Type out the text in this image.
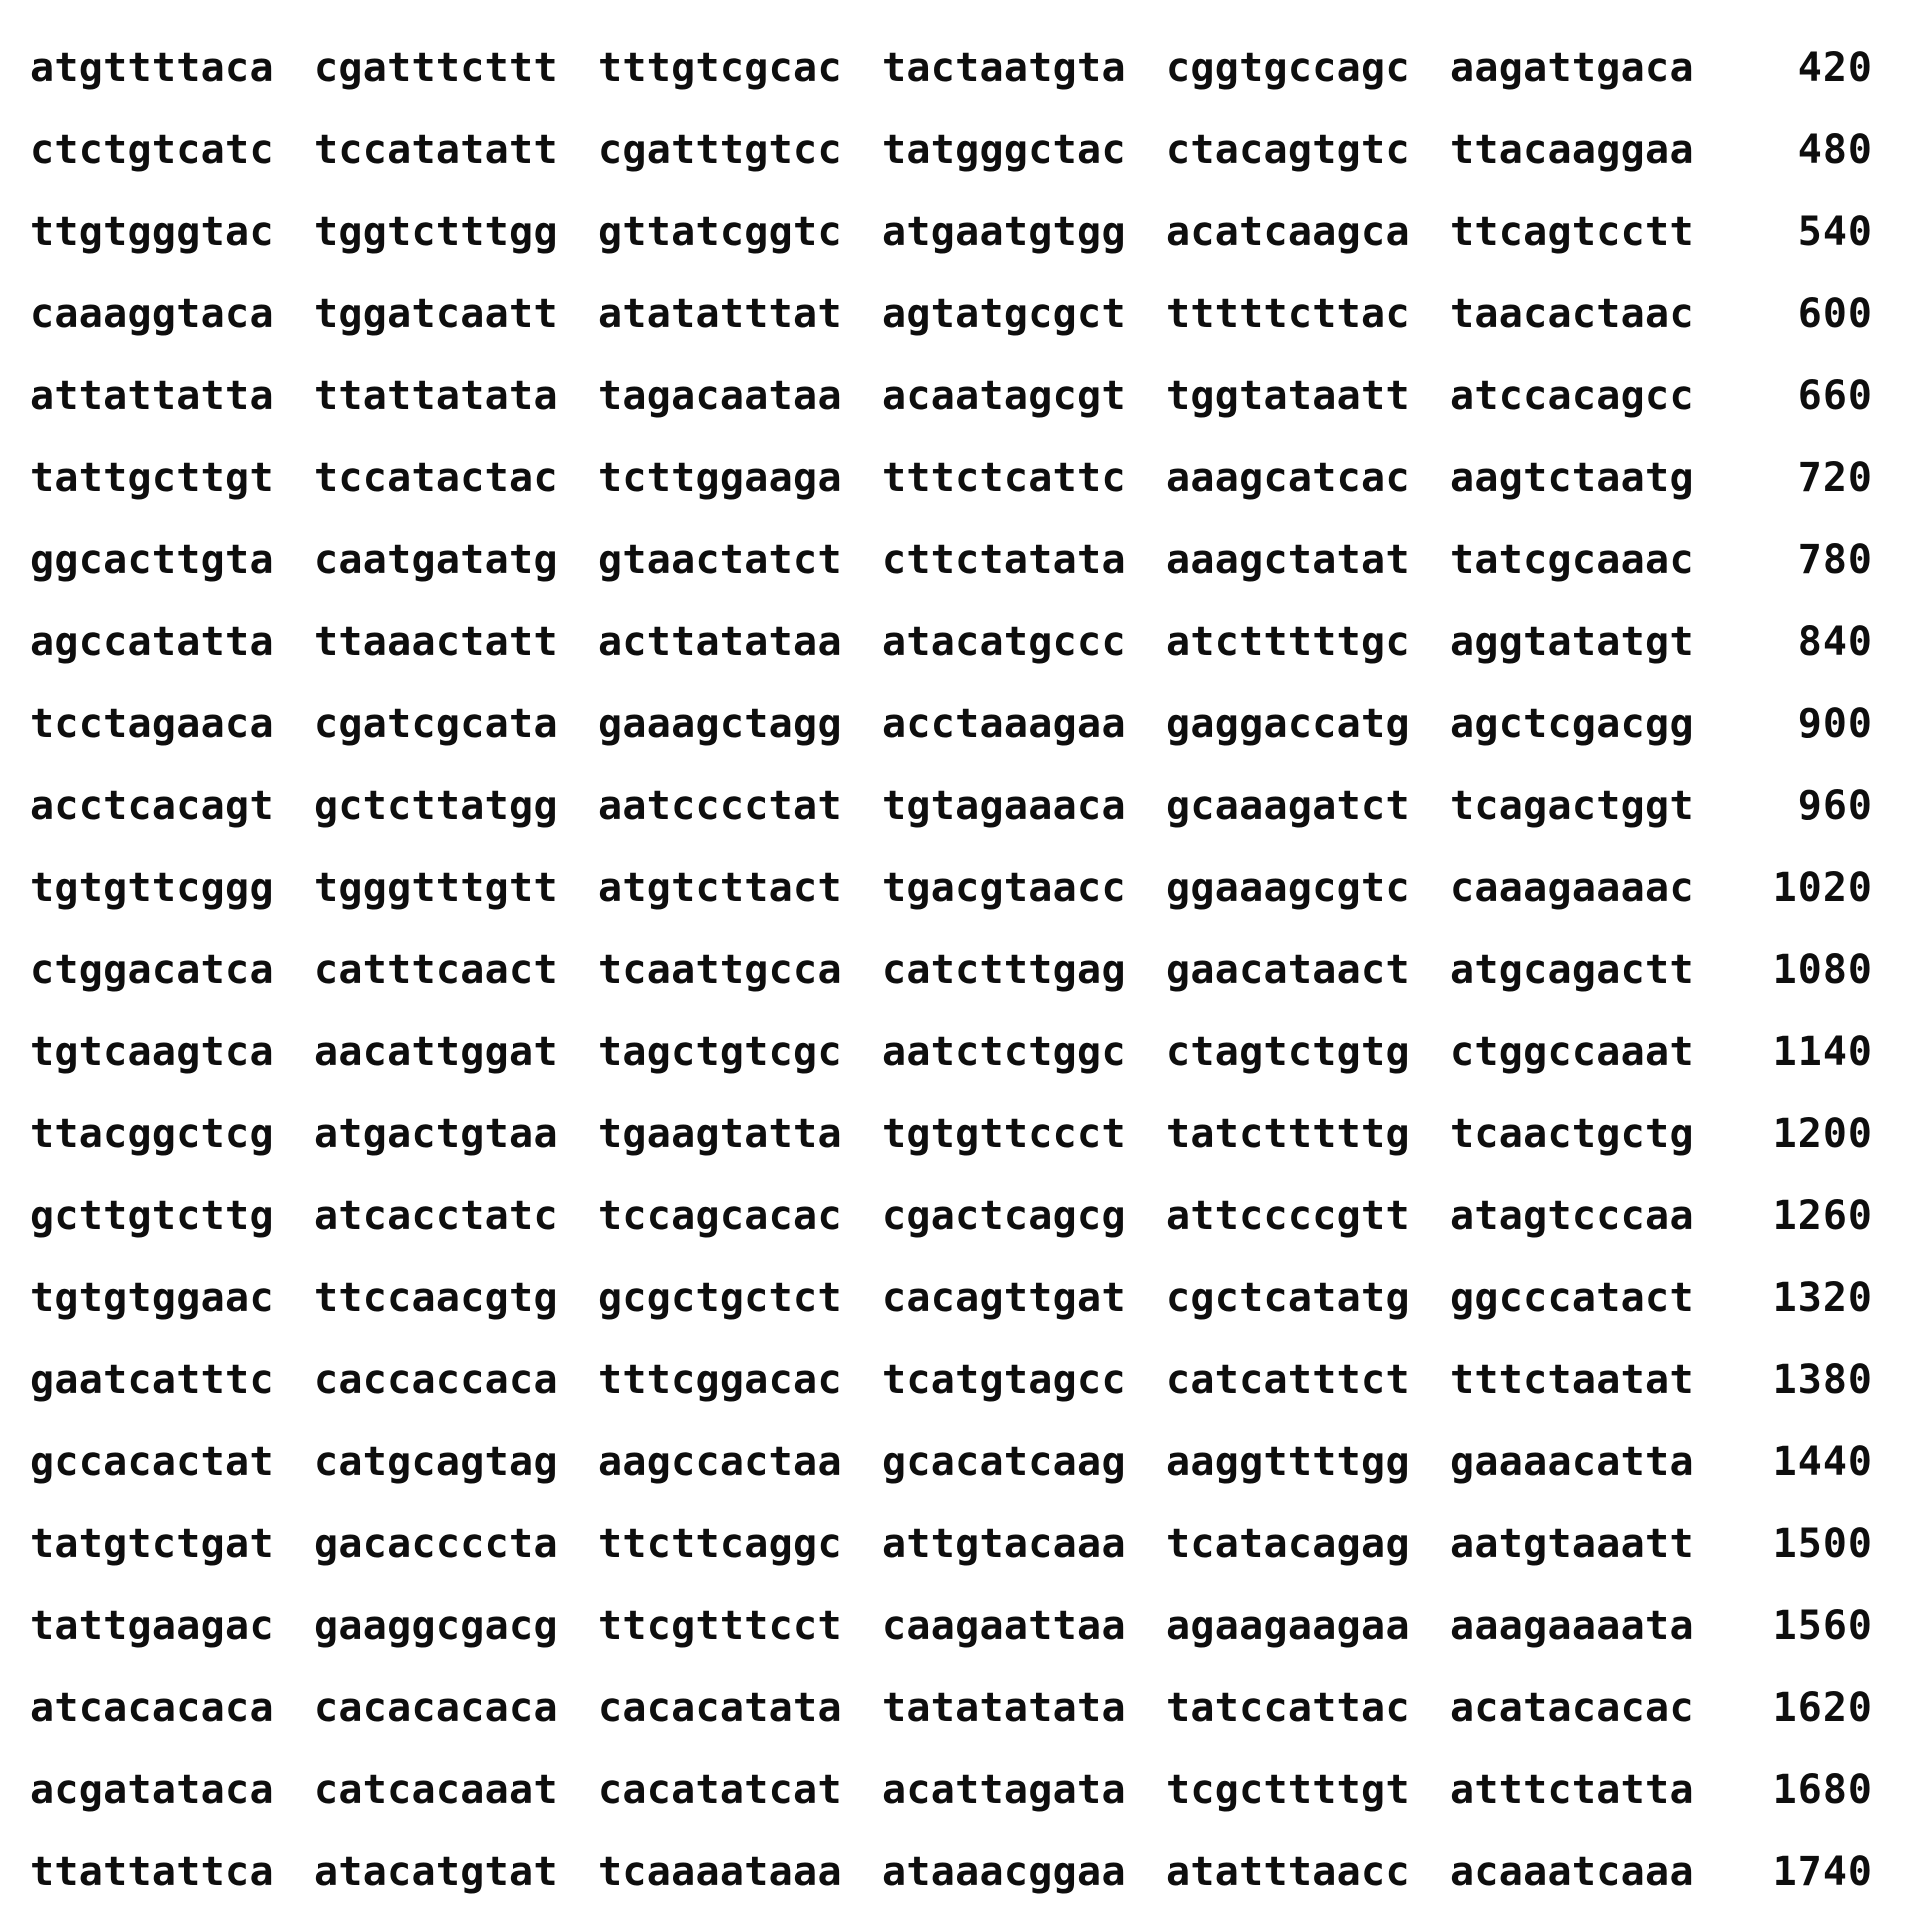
atgttttaca	cgatttcttt	tttgtcgcac	tactaatgta	cggtgccagc	aagattgaca	420
ctctgtcatc	tccatatatt	cgatttgtcc	tatgggctac	ctacagtgtc	ttacaaggaa	480
ttgtgggtac	tggtctttgg	gttatcggtc	atgaatgtgg	acatcaagca	ttcagtcctt	540
caaaggtaca	tggatcaatt	atatatttat	agtatgcgct	tttttcttac	taacactaac	600
attattatta	ttattatata	tagacaataa	acaatagcgt	tggtataatt	atccacagcc	660
tattgcttgt	tccatactac	tcttggaaga	tttctcattc	aaagcatcac	aagtctaatg	720
ggcacttgta	caatgatatg	gtaactatct	cttctatata	aaagctatat	tatcgcaaac	780
agccatatta	ttaaactatt	acttatataa	atacatgccc	atctttttgc	aggtatatgt	840
tcctagaaca	cgatcgcata	gaaagctagg	acctaaagaa	gaggaccatg	agctcgacgg	900
acctcacagt	gctcttatgg	aatcccctat	tgtagaaaca	gcaaagatct	tcagactggt	960
tgtgttcggg	tgggtttgtt	atgtcttact	tgacgtaacc	ggaaagcgtc	caaagaaaac	1020
ctggacatca	catttcaact	tcaattgcca	catctttgag	gaacataact	atgcagactt	1080
tgtcaagtca	aacattggat	tagctgtcgc	aatctctggc	ctagtctgtg	ctggccaaat	1140
ttacggctcg	atgactgtaa	tgaagtatta	tgtgttccct	tatctttttg	tcaactgctg	1200
gcttgtcttg	atcacctatc	tccagcacac	cgactcagcg	attccccgtt	atagtcccaa	1260
tgtgtggaac	ttccaacgtg	gcgctgctct	cacagttgat	cgctcatatg	ggcccatact	1320
gaatcatttc	caccaccaca	tttcggacac	tcatgtagcc	catcatttct	tttctaatat	1380
gccacactat	catgcagtag	aagccactaa	gcacatcaag	aaggttttgg	gaaaacatta	1440
tatgtctgat	gacaccccta	ttcttcaggc	attgtacaaa	tcatacagag	aatgtaaatt	1500
tattgaagac	gaaggcgacg	ttcgtttcct	caagaattaa	agaagaagaa	aaagaaaata	1560
atcacacaca	cacacacaca	cacacatata	tatatatata	tatccattac	acatacacac	1620
acgatataca	catcacaaat	cacatatcat	acattagata	tcgcttttgt	atttctatta	1680
ttattattca	atacatgtat	tcaaaataaa	ataaacggaa	atatttaacc	acaaatcaaa	1740
